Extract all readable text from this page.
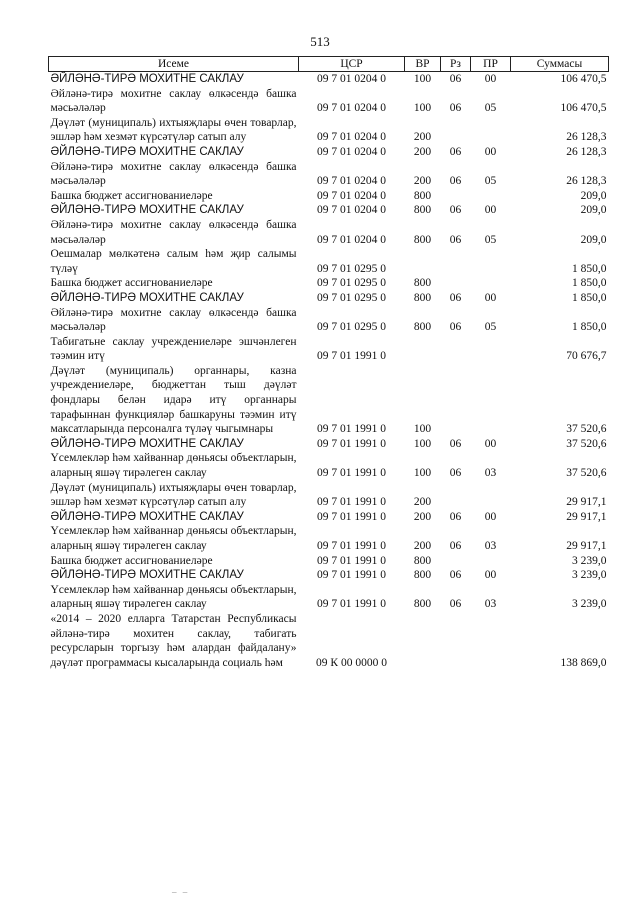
513
Исеме	ЦСР	ВР	Рз	ПР	Суммасы
ӘЙЛӘНӘ-ТИРӘ МОХИТНЕ САКЛАУ	09 7 01 0204 0	100	06	00	106 470,5
Әйләнә-тирә мохитне саклау өлкәсендә башка мәсьәләләр	09 7 01 0204 0	100	06	05	106 470,5
Дәүләт (муниципаль) ихтыяҗлары өчен товарлар, эшләр һәм хезмәт күрсәтүләр сатып алу	09 7 01 0204 0	200			26 128,3
ӘЙЛӘНӘ-ТИРӘ МОХИТНЕ САКЛАУ	09 7 01 0204 0	200	06	00	26 128,3
Әйләнә-тирә мохитне саклау өлкәсендә башка мәсьәләләр	09 7 01 0204 0	200	06	05	26 128,3
Башка бюджет ассигнованиеләре	09 7 01 0204 0	800			209,0
ӘЙЛӘНӘ-ТИРӘ МОХИТНЕ САКЛАУ	09 7 01 0204 0	800	06	00	209,0
Әйләнә-тирә мохитне саклау өлкәсендә башка мәсьәләләр	09 7 01 0204 0	800	06	05	209,0
Оешмалар мөлкәтенә салым һәм җир салымы түләү	09 7 01 0295 0				1 850,0
Башка бюджет ассигнованиеләре	09 7 01 0295 0	800			1 850,0
ӘЙЛӘНӘ-ТИРӘ МОХИТНЕ САКЛАУ	09 7 01 0295 0	800	06	00	1 850,0
Әйләнә-тирә мохитне саклау өлкәсендә башка мәсьәләләр	09 7 01 0295 0	800	06	05	1 850,0
Табигатьне саклау учреждениеләре эшчәнлеген тәэмин итү	09 7 01 1991 0				70 676,7
Дәүләт (муниципаль) органнары, казна учреждениеләре, бюджеттан тыш дәүләт фондлары белән идарә итү органнары тарафыннан функцияләр башкаруны тәэмин итү максатларында персоналга түләү чыгымнары	09 7 01 1991 0	100			37 520,6
ӘЙЛӘНӘ-ТИРӘ МОХИТНЕ САКЛАУ	09 7 01 1991 0	100	06	00	37 520,6
Үсемлекләр һәм хайваннар дөньясы объектларын, аларның яшәү тирәлеген саклау	09 7 01 1991 0	100	06	03	37 520,6
Дәүләт (муниципаль) ихтыяҗлары өчен товарлар, эшләр һәм хезмәт күрсәтүләр сатып алу	09 7 01 1991 0	200			29 917,1
ӘЙЛӘНӘ-ТИРӘ МОХИТНЕ САКЛАУ	09 7 01 1991 0	200	06	00	29 917,1
Үсемлекләр һәм хайваннар дөньясы объектларын, аларның яшәү тирәлеген саклау	09 7 01 1991 0	200	06	03	29 917,1
Башка бюджет ассигнованиеләре	09 7 01 1991 0	800			3 239,0
ӘЙЛӘНӘ-ТИРӘ МОХИТНЕ САКЛАУ	09 7 01 1991 0	800	06	00	3 239,0
Үсемлекләр һәм хайваннар дөньясы объектларын, аларның яшәү тирәлеген саклау	09 7 01 1991 0	800	06	03	3 239,0
«2014 – 2020 елларга Татарстан Республикасы әйләнә-тирә мохитен саклау, табигать ресурсларын торгызу һәм алардан файдалану» дәүләт программасы кысаларында социаль һәм	09 К 00 0000 0				138 869,0
_ _
